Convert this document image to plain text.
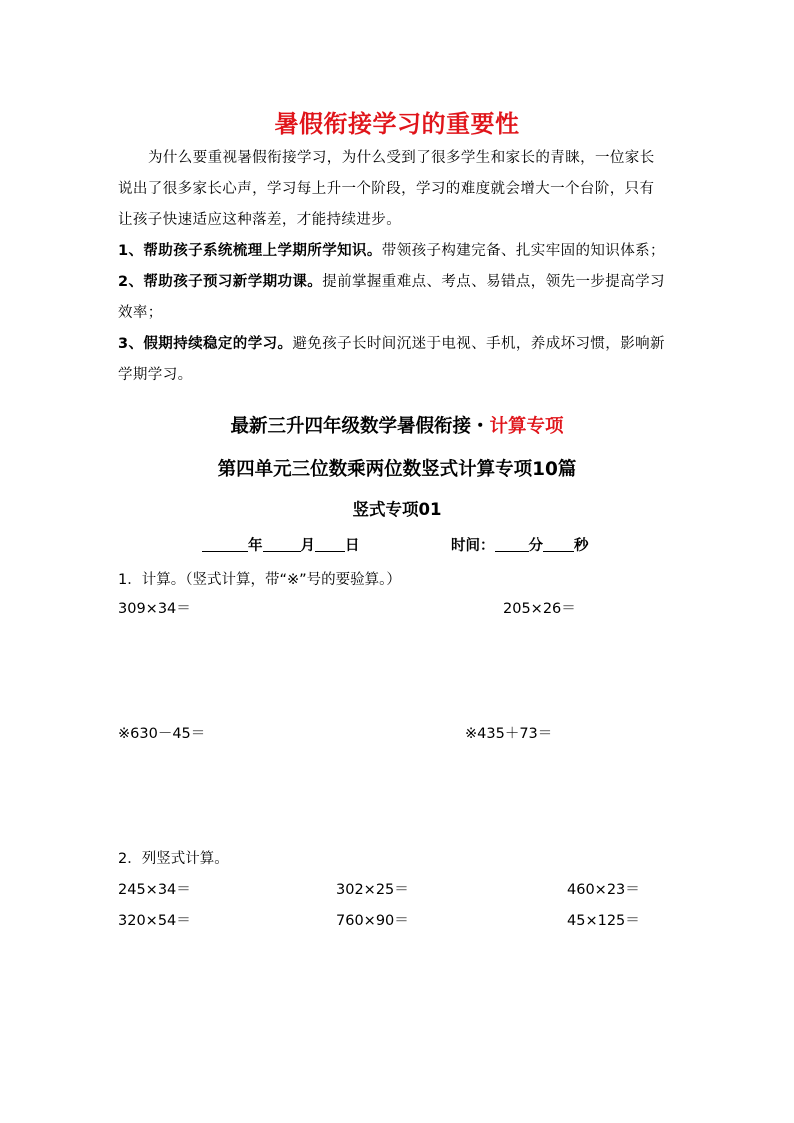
暑假衔接学习的重要性
为什么要重视暑假衔接学习，为什么受到了很多学生和家长的青睐，一位家长
说出了很多家长心声，学习每上升一个阶段，学习的难度就会增大一个台阶，只有
让孩子快速适应这种落差，才能持续进步。
1、帮助孩子系统梳理上学期所学知识。带领孩子构建完备、扎实牢固的知识体系；
2、帮助孩子预习新学期功课。提前掌握重难点、考点、易错点，领先一步提高学习
效率；
3、假期持续稳定的学习。避免孩子长时间沉迷于电视、手机，养成坏习惯，影响新
学期学习。
最新三升四年级数学暑假衔接・计算专项
第四单元三位数乘两位数竖式计算专项10篇
竖式专项01
年	月 日	时间： 分 秒
1．计算。（竖式计算，带“※”号的要验算。）
309×34＝	205×26＝
※630－45＝	※435＋73＝
2．列竖式计算。
245×34＝	302×25＝	460×23＝
320×54＝	760×90＝	45×125＝
